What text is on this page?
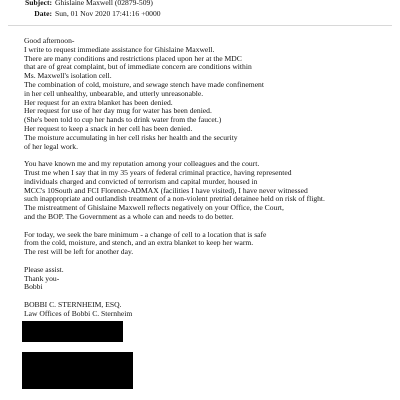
Subject: Ghislaine Maxwell (02879-509)
Date: Sun, 01 Nov 2020 17:41:16 +0000
Good afternoon-
I write to request immediate assistance for Ghislaine Maxwell.
There are many conditions and restrictions placed upon her at the MDC
that are of great complaint, but of immediate concern are conditions within
Ms. Maxwell's isolation cell.
The combination of cold, moisture, and sewage stench have made confinement
in her cell unhealthy, unbearable, and utterly unreasonable.
Her request for an extra blanket has been denied.
Her request for use of her day mug for water has been denied.
(She's been told to cup her hands to drink water from the faucet.)
Her request to keep a snack in her cell has been denied.
The moisture accumulating in her cell risks her health and the security
of her legal work.
You have known me and my reputation among your colleagues and the court.
Trust me when I say that in my 35 years of federal criminal practice, having represented
individuals charged and convicted of terrorism and capital murder, housed in
MCC's 10South and FCI Florence-ADMAX (facilities I have visited), I have never witnessed
such inappropriate and outlandish treatment of a non-violent pretrial detainee held on risk of flight.
The mistreatment of Ghislaine Maxwell reflects negatively on your Office, the Court,
and the BOP. The Government as a whole can and needs to do better.
For today, we seek the bare minimum - a change of cell to a location that is safe
from the cold, moisture, and stench, and an extra blanket to keep her warm.
The rest will be left for another day.
Please assist.
Thank you-
Bobbi
BOBBI C. STERNHEIM, ESQ.
Law Offices of Bobbi C. Sternheim
